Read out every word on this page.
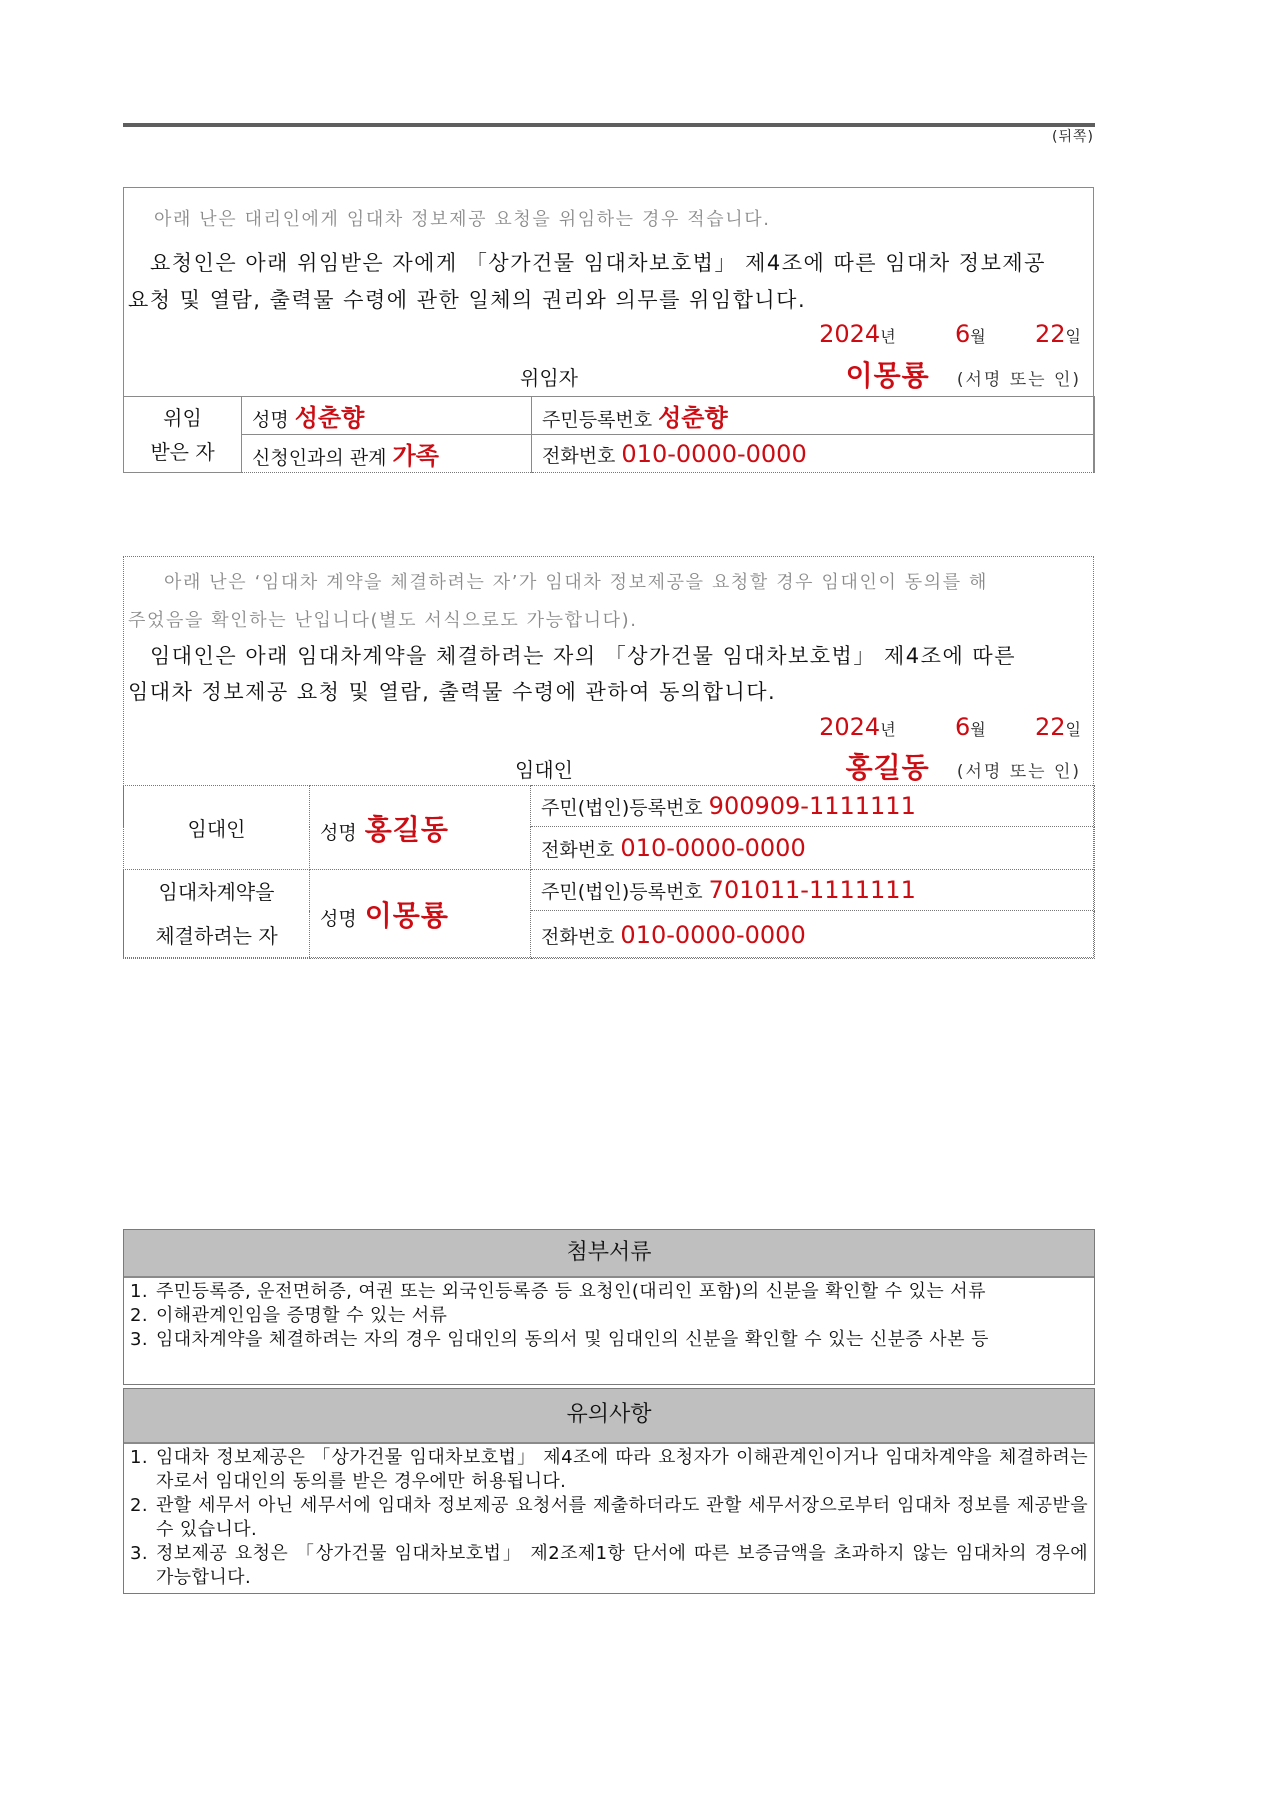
(뒤쪽)
아래 난은 대리인에게 임대차 정보제공 요청을 위임하는 경우 적습니다.
요청인은 아래 위임받은 자에게 「상가건물 임대차보호법」 제4조에 따른 임대차 정보제공
요청 및 열람, 출력물 수령에 관한 일체의 권리와 의무를 위임합니다.
2024년 6월 22일
위임자	이몽룡 (서명 또는 인)
위임
받은 자	성명 성춘향	주민등록번호 성춘향
	신청인과의 관계 가족	전화번호 010-0000-0000
아래 난은 ‘임대차 계약을 체결하려는 자’가 임대차 정보제공을 요청할 경우 임대인이 동의를 해
주었음을 확인하는 난입니다(별도 서식으로도 가능합니다).
임대인은 아래 임대차계약을 체결하려는 자의 「상가건물 임대차보호법」 제4조에 따른
임대차 정보제공 요청 및 열람, 출력물 수령에 관하여 동의합니다.
2024년 6월 22일
임대인	홍길동 (서명 또는 인)
임대인	성명 홍길동	주민(법인)등록번호 900909-1111111
		전화번호 010-0000-0000

임대차계약을
체결하려는 자	성명 이몽룡	주민(법인)등록번호 701011-1111111
		전화번호 010-0000-0000
첨부서류
1. 주민등록증, 운전면허증, 여권 또는 외국인등록증 등 요청인(대리인 포함)의 신분을 확인할 수 있는 서류
2. 이해관계인임을 증명할 수 있는 서류
3. 임대차계약을 체결하려는 자의 경우 임대인의 동의서 및 임대인의 신분을 확인할 수 있는 신분증 사본 등
유의사항
1. 임대차 정보제공은 「상가건물 임대차보호법」 제4조에 따라 요청자가 이해관계인이거나 임대차계약을 체결하려는 자로서 임대인의 동의를 받은 경우에만 허용됩니다.
2. 관할 세무서 아닌 세무서에 임대차 정보제공 요청서를 제출하더라도 관할 세무서장으로부터 임대차 정보를 제공받을 수 있습니다.
3. 정보제공 요청은 「상가건물 임대차보호법」 제2조제1항 단서에 따른 보증금액을 초과하지 않는 임대차의 경우에 가능합니다.
